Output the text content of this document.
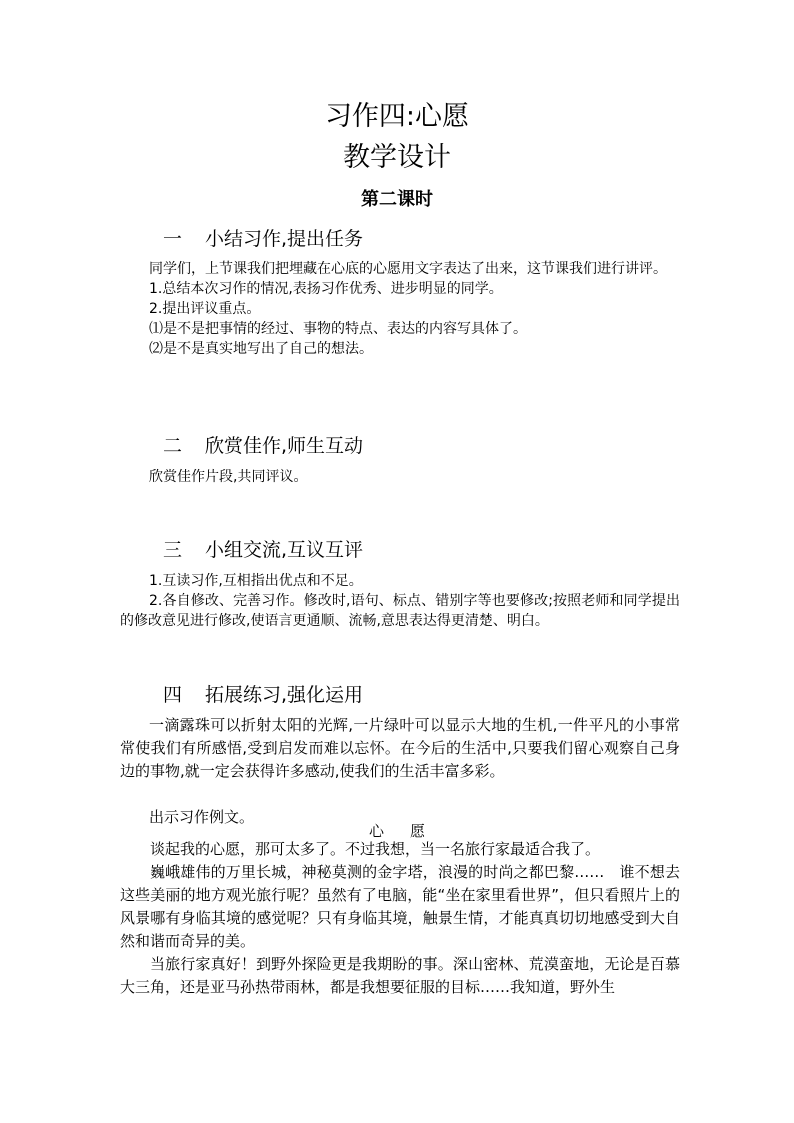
习作四:心愿
教学设计
第二课时
一 小结习作,提出任务

同学们，上节课我们把埋藏在心底的心愿用文字表达了出来，这节课我们进行讲评。

1.总结本次习作的情况,表扬习作优秀、进步明显的同学。

2.提出评议重点。

⑴是不是把事情的经过、事物的特点、表达的内容写具体了。

⑵是不是真实地写出了自己的想法。

二 欣赏佳作,师生互动

欣赏佳作片段,共同评议。

三 小组交流,互议互评

1.互读习作,互相指出优点和不足。

2.各自修改、完善习作。修改时,语句、标点、错别字等也要修改;按照老师和同学提出的修改意见进行修改,使语言更通顺、流畅,意思表达得更清楚、明白。

四 拓展练习,强化运用

一滴露珠可以折射太阳的光辉,一片绿叶可以显示大地的生机,一件平凡的小事常常使我们有所感悟,受到启发而难以忘怀。在今后的生活中,只要我们留心观察自己身边的事物,就一定会获得许多感动,使我们的生活丰富多彩。

出示习作例文。

心愿

谈起我的心愿，那可太多了。不过我想，当一名旅行家最适合我了。

巍峨雄伟的万里长城，神秘莫测的金字塔，浪漫的时尚之都巴黎……　谁不想去这些美丽的地方观光旅行呢？虽然有了电脑，能“坐在家里看世界”，但只看照片上的风景哪有身临其境的感觉呢？只有身临其境，触景生情，才能真真切切地感受到大自然和谐而奇异的美。

当旅行家真好！到野外探险更是我期盼的事。深山密林、荒漠蛮地，无论是百慕大三角，还是亚马孙热带雨林，都是我想要征服的目标……我知道，野外生
